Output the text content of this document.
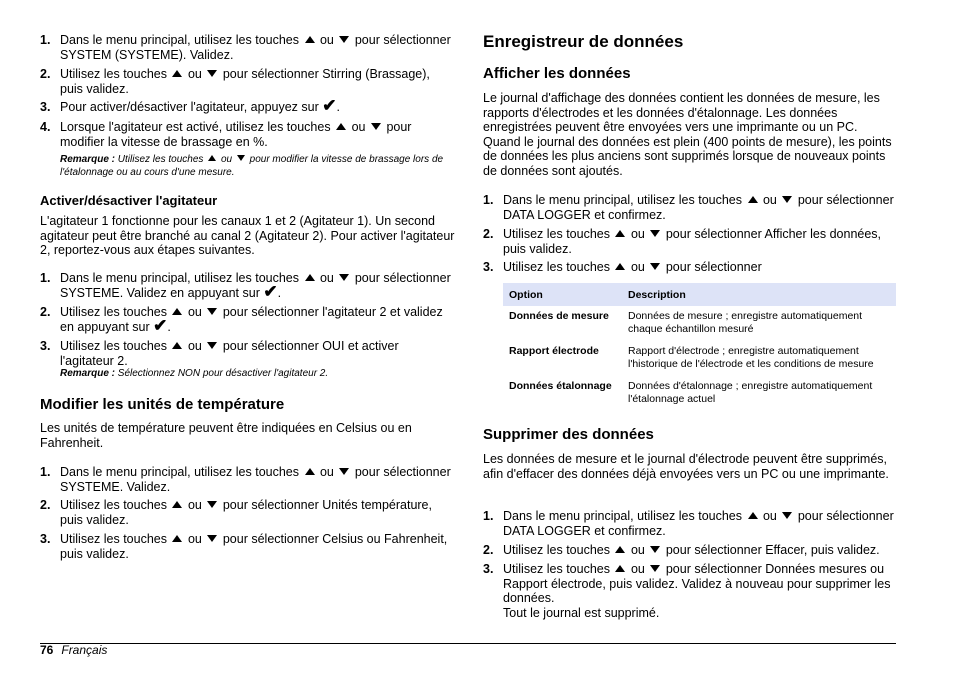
1. Dans le menu principal, utilisez les touches ou pour sélectionner SYSTEM (SYSTEME). Validez.
2. Utilisez les touches ou pour sélectionner Stirring (Brassage), puis validez.
3. Pour activer/désactiver l'agitateur, appuyez sur ✔.
4. Lorsque l'agitateur est activé, utilisez les touches ou pour modifier la vitesse de brassage en %.
Remarque : Utilisez les touches ou pour modifier la vitesse de brassage lors de l'étalonnage ou au cours d'une mesure.
Activer/désactiver l'agitateur
L'agitateur 1 fonctionne pour les canaux 1 et 2 (Agitateur 1). Un second agitateur peut être branché au canal 2 (Agitateur 2). Pour activer l'agitateur 2, reportez-vous aux étapes suivantes.
1. Dans le menu principal, utilisez les touches ou pour sélectionner SYSTEME. Validez en appuyant sur ✔.
2. Utilisez les touches ou pour sélectionner l'agitateur 2 et validez en appuyant sur ✔.
3. Utilisez les touches ou pour sélectionner OUI et activer l'agitateur 2.
Remarque : Sélectionnez NON pour désactiver l'agitateur 2.
Modifier les unités de température
Les unités de température peuvent être indiquées en Celsius ou en Fahrenheit.
1. Dans le menu principal, utilisez les touches ou pour sélectionner SYSTEME. Validez.
2. Utilisez les touches ou pour sélectionner Unités température, puis validez.
3. Utilisez les touches ou pour sélectionner Celsius ou Fahrenheit, puis validez.
Enregistreur de données
Afficher les données
Le journal d'affichage des données contient les données de mesure, les rapports d'électrodes et les données d'étalonnage. Les données enregistrées peuvent être envoyées vers une imprimante ou un PC. Quand le journal des données est plein (400 points de mesure), les points de données les plus anciens sont supprimés lorsque de nouveaux points de données sont ajoutés.
1. Dans le menu principal, utilisez les touches ou pour sélectionner DATA LOGGER et confirmez.
2. Utilisez les touches ou pour sélectionner Afficher les données, puis validez.
3. Utilisez les touches ou pour sélectionner
Option	Description
Données de mesure	Données de mesure ; enregistre automatiquement chaque échantillon mesuré
Rapport électrode	Rapport d'électrode ; enregistre automatiquement l'historique de l'électrode et les conditions de mesure
Données étalonnage	Données d'étalonnage ; enregistre automatiquement l'étalonnage actuel
Supprimer des données
Les données de mesure et le journal d'électrode peuvent être supprimés, afin d'effacer des données déjà envoyées vers un PC ou une imprimante.
1. Dans le menu principal, utilisez les touches ou pour sélectionner DATA LOGGER et confirmez.
2. Utilisez les touches ou pour sélectionner Effacer, puis validez.
3. Utilisez les touches ou pour sélectionner Données mesures ou Rapport électrode, puis validez. Validez à nouveau pour supprimer les données.
Tout le journal est supprimé.
76 Français
